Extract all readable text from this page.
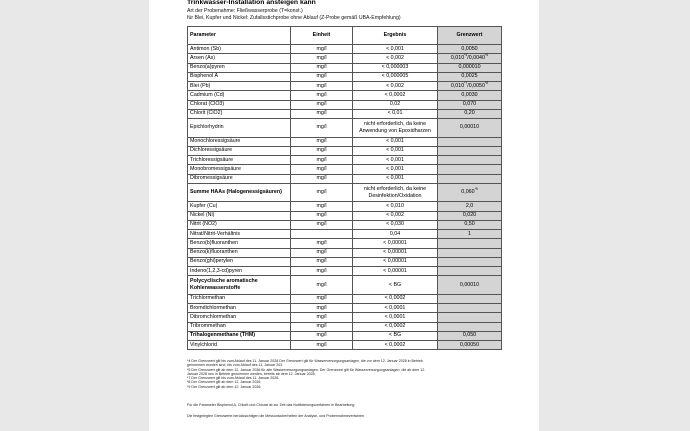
Trinkwasser-Installation ansteigen kann
Art der Probenahme: Fließwasserprobe (T=konst.)
für Blei, Kupfer und Nickel: Zufallsstichprobe ohne Ablauf (Z-Probe gemäß UBA-Empfehlung)
Parameter	Einheit	Ergebnis	Grenzwert
Antimon (Sb)	mg/l	< 0,001	0,0050
Arsen (As)	mg/l	< 0,002	0,010$^{*4}$/0,0040$^{*5}$
Benzo(a)pyren	mg/l	< 0,000003	0,000010
Bisphenol A	mg/l	< 0,000005	0,0025
Blei (Pb)	mg/l	< 0,002	0,010$^{*7}$/0,0050$^{*8}$
Cadmium (Cd)	mg/l	< 0,0002	0,0030
Chlorat (ClO3)	mg/l	0,02	0,070
Chlorit (ClO2)	mg/l	< 0,01	0,20
Epichlorhydrin	mg/l	nicht erforderlich, da keine Anwendung von Epoxidharzen	0,00010
Monochloressigsäure	mg/l	< 0,001	
Dichloressigsäure	mg/l	< 0,001	
Trichloressigsäure	mg/l	< 0,001	
Monobromessigsäure	mg/l	< 0,001	
Dibromessigsäure	mg/l	< 0,001	
Summe HAAs (Halogenessigsäuren)	mg/l	nicht erforderlich, da keine Desinfektion/Oxidation	0,060$^{*9}$
Kupfer (Cu)	mg/l	< 0,010	2,0
Nickel (Ni)	mg/l	< 0,002	0,020
Nitrit (NO2)	mg/l	< 0,030	0,50
Nitrat/Nitrit-Verhältnis		0,04	1
Benzo(b)fluoranthen	mg/l	< 0,00001	
Benzo(k)fluoranthen	mg/l	< 0,00001	
Benzo(ghi)perylen	mg/l	< 0,00001	
Indeno(1,2,3-cd)pyren	mg/l	< 0,00001	
Polycyclische aromatische Kohlenwasserstoffe	mg/l	< BG	0,00010
Trichlormethan	mg/l	< 0,0002	
Bromdichlormethan	mg/l	< 0,0001	
Dibromchlormethan	mg/l	< 0,0001	
Tribrommethan	mg/l	< 0,0002	
Trihalogenmethane (THM)	mg/l	< BG	0,050
Vinylchlorid	mg/l	< 0,0002	0,00050
*4 Der Grenzwert gilt bis zum Ablauf des 11. Januar 2028 Der Grenzwert gilt für Wasserversorgungsanlagen, die vor dem 12. Januar 2028 in Betrieb
genommen worden sind, bis zum Ablauf des 11. Januar 203
*5 Der Grenzwert gilt ab dem 12. Januar 2036 für alle Wasserversorgungsanlagen. Der Grenzwert gilt für Wasserversorgungsanlagen, die ab dem 12.
Januar 2028 neu in Betrieb genommen werden, bereits ab dem 12. Januar 2028.
*7 Der Grenzwert gilt bis zum Ablauf des 11. Januar 2026.
*8 Der Grenzwert gilt ab dem 12. Januar 2026.
*9 Der Grenzwert gilt ab dem 12. Januar 2026.
Für die Parameter Bisphenol A, Chlorit und Chlorat ist zur Zeit das Notifizierungsverfahren in Bearbeitung
Die festgelegten Grenzwerte berücksichtigen die Messunsicherheiten der Analyse- und Probennahmeverfahren
